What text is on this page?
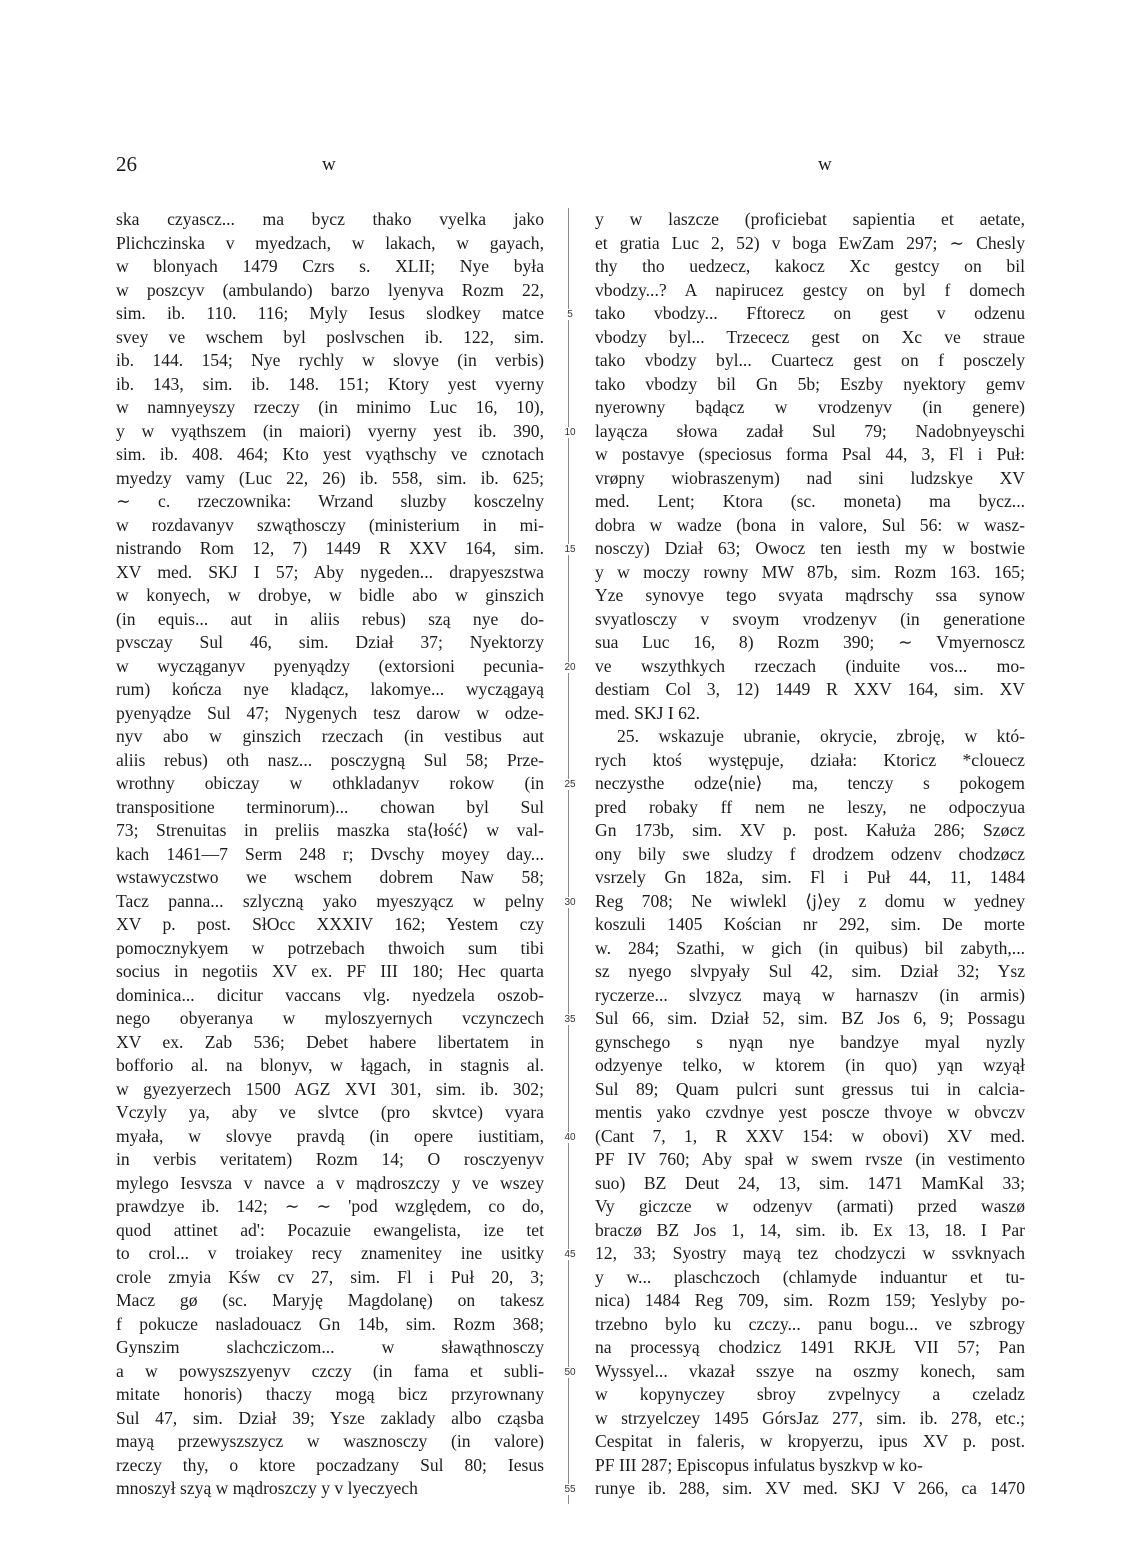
26	w	w
ska czyascz... ma bycz thako vyelka jako
Plichczinska v myedzach, w lakach, w gayach,
w blonyach 1479 Czrs s. XLII; Nye była
w poszcyv (ambulando) barzo lyenyva Rozm 22,
sim. ib. 110. 116; Myly Iesus slodkey matce
svey ve wschem byl poslvschen ib. 122, sim.
ib. 144. 154; Nye rychly w slovye (in verbis)
ib. 143, sim. ib. 148. 151; Ktory yest vyerny
w namnyeyszy rzeczy (in minimo Luc 16, 10),
y w vyąthszem (in maiori) vyerny yest ib. 390,
sim. ib. 408. 464; Kto yest vyąthschy ve cznotach
myedzy vamy (Luc 22, 26) ib. 558, sim. ib. 625;
∼ c. rzeczownika: Wrzand sluzby kosczelny
w rozdavanyv szwąthosczy (ministerium in mi-
nistrando Rom 12, 7) 1449 R XXV 164, sim.
XV med. SKJ I 57; Aby nygeden... drapyeszstwa
w konyech, w drobye, w bidle abo w ginszich
(in equis... aut in aliis rebus) szą nye do-
pvsczay Sul 46, sim. Dział 37; Nyektorzy
w wycząganyv pyenyądzy (extorsioni pecunia-
rum) kończa nye kladącz, lakomye... wyczągayą
pyenyądze Sul 47; Nygenych tesz darow w odze-
nyv abo w ginszich rzeczach (in vestibus aut
aliis rebus) oth nasz... posczygną Sul 58; Prze-
wrothny obiczay w othkladanyv rokow (in
transpositione terminorum)... chowan byl Sul
73; Strenuitas in preliis maszka sta⟨łość⟩ w val-
kach 1461—7 Serm 248 r; Dvschy moyey day...
wstawyczstwo we wschem dobrem Naw 58;
Tacz panna... szlyczną yako myeszyącz w pelny
XV p. post. SłOcc XXXIV 162; Yestem czy
pomocznykyem w potrzebach thwoich sum tibi
socius in negotiis XV ex. PF III 180; Hec quarta
dominica... dicitur vaccans vlg. nyedzela oszob-
nego obyeranya w myloszyernych vczynczech
XV ex. Zab 536; Debet habere libertatem in
bofforio al. na blonyv, w łągach, in stagnis al.
w gyezyerzech 1500 AGZ XVI 301, sim. ib. 302;
Vczyly ya, aby ve slvtce (pro skvtce) vyara
myała, w slovye pravdą (in opere iustitiam,
in verbis veritatem) Rozm 14; O rosczyenyv
mylego Iesvsza v navce a v mądroszczy y ve wszey
prawdzye ib. 142; ∼ ∼ 'pod względem, co do,
quod attinet ad': Pocazuie ewangelista, ize tet
to crol... v troiakey recy znamenitey ine usitky
crole zmyia Kśw cv 27, sim. Fl i Puł 20, 3;
Macz gø (sc. Maryję Magdolanę) on takesz
f pokucze nasladouacz Gn 14b, sim. Rozm 368;
Gynszim slachcziczom... w sławąthnosczy
a w powyszszyenyv czczy (in fama et subli-
mitate honoris) thaczy mogą bicz przyrownany
Sul 47, sim. Dział 39; Ysze zaklady albo cząsba
mayą przewyszszycz w wasznosczy (in valore)
rzeczy thy, o ktore poczadzany Sul 80; Iesus
mnoszył szyą w mądroszczy y v lyeczyech
5
10
15
20
25
30
35
40
45
50
55
y w laszcze (proficiebat sapientia et aetate,
et gratia Luc 2, 52) v boga EwZam 297; ∼ Chesly
thy tho uedzecz, kakocz Xc gestcy on bil
vbodzy...? A napirucez gestcy on byl f domech
tako vbodzy... Fftorecz on gest v odzenu
vbodzy byl... Trzececz gest on Xc ve straue
tako vbodzy byl... Cuartecz gest on f posczely
tako vbodzy bil Gn 5b; Eszby nyektory gemv
nyerowny bądącz w vrodzenyv (in genere)
layącza słowa zadał Sul 79; Nadobnyeyschi
w postavye (speciosus forma Psal 44, 3, Fl i Puł:
vrøpny wiobraszenym) nad sini ludzskye XV
med. Lent; Ktora (sc. moneta) ma bycz...
dobra w wadze (bona in valore, Sul 56: w wasz-
nosczy) Dział 63; Owocz ten iesth my w bostwie
y w moczy rowny MW 87b, sim. Rozm 163. 165;
Yze synovye tego svyata mądrschy ssa synow
svyatlosczy v svoym vrodzenyv (in generatione
sua Luc 16, 8) Rozm 390; ∼ Vmyernoscz
ve wszythkych rzeczach (induite vos... mo-
destiam Col 3, 12) 1449 R XXV 164, sim. XV
med. SKJ I 62.
25. wskazuje ubranie, okrycie, zbroję, w któ-
rych ktoś występuje, działa: Ktoricz *clouecz
neczysthe odze⟨nie⟩ ma, tenczy s pokogem
pred robaky ff nem ne leszy, ne odpoczyua
Gn 173b, sim. XV p. post. Kałuża 286; Szøcz
ony bily swe sludzy f drodzem odzenv chodzøcz
vsrzely Gn 182a, sim. Fl i Puł 44, 11, 1484
Reg 708; Ne wiwlekl ⟨j⟩ey z domu w yedney
koszuli 1405 Kościan nr 292, sim. De morte
w. 284; Szathi, w gich (in quibus) bil zabyth,...
sz nyego slvpyały Sul 42, sim. Dział 32; Ysz
ryczerze... slvzycz mayą w harnaszv (in armis)
Sul 66, sim. Dział 52, sim. BZ Jos 6, 9; Possagu
gynschego s nyąn nye bandzye myal nyzly
odzyenye telko, w ktorem (in quo) yąn wzyął
Sul 89; Quam pulcri sunt gressus tui in calcia-
mentis yako czvdnye yest poscze thvoye w obvczv
(Cant 7, 1, R XXV 154: w obovi) XV med.
PF IV 760; Aby spał w swem rvsze (in vestimento
suo) BZ Deut 24, 13, sim. 1471 MamKal 33;
Vy giczcze w odzenyv (armati) przed waszø
braczø BZ Jos 1, 14, sim. ib. Ex 13, 18. I Par
12, 33; Syostry mayą tez chodzyczi w ssvknyach
y w... plaschczoch (chlamyde induantur et tu-
nica) 1484 Reg 709, sim. Rozm 159; Yeslyby po-
trzebno bylo ku czczy... panu bogu... ve szbrogy
na processyą chodzicz 1491 RKJŁ VII 57; Pan
Wyssyel... vkazał sszye na oszmy konech, sam
w kopynyczey sbroy zvpelnycy a czeladz
w strzyelczey 1495 GórsJaz 277, sim. ib. 278, etc.;
Cespitat in faleris, w kropyerzu, ipus XV p. post.
PF III 287; Episcopus infulatus byszkvp w ko-
runye ib. 288, sim. XV med. SKJ V 266, ca 1470
